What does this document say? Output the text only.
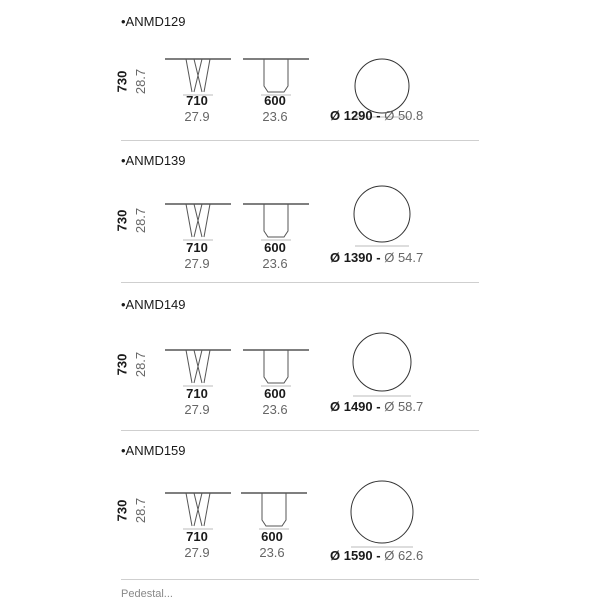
•ANMD129
730 28.7
710
27.9
600
23.6	Ø 1290 - Ø 50.8
•ANMD139
730 28.7
710
27.9
600
23.6	Ø 1390 - Ø 54.7
•ANMD149
730 28.7
710
27.9
600
23.6	Ø 1490 - Ø 58.7
•ANMD159
730 28.7
710
27.9
600
23.6	Ø 1590 - Ø 62.6
Pedestal...
